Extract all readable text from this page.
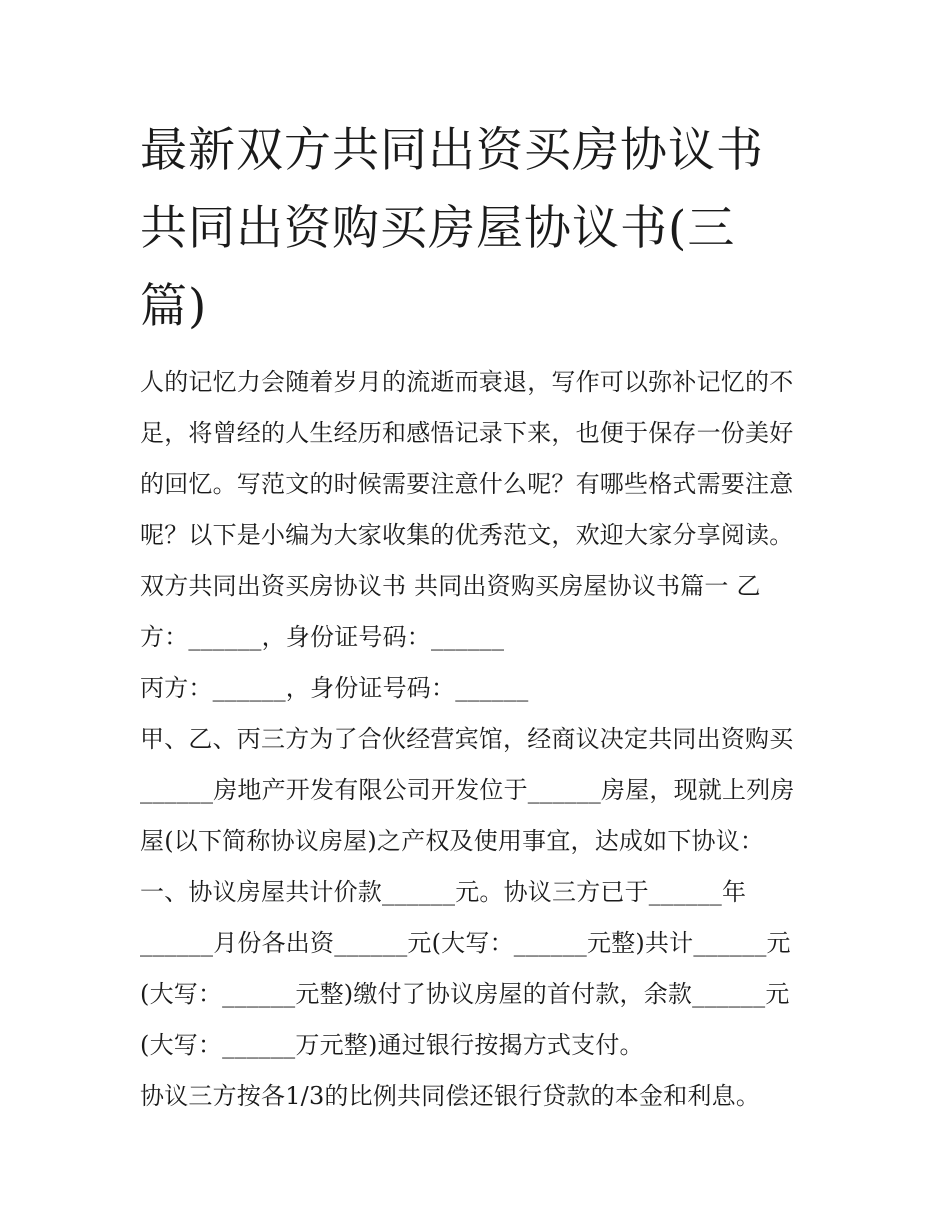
最新双方共同出资买房协议书
共同出资购买房屋协议书(三
篇)
人的记忆力会随着岁月的流逝而衰退，写作可以弥补记忆的不
足，将曾经的人生经历和感悟记录下来，也便于保存一份美好
的回忆。写范文的时候需要注意什么呢？有哪些格式需要注意
呢？以下是小编为大家收集的优秀范文，欢迎大家分享阅读。
双方共同出资买房协议书 共同出资购买房屋协议书篇一 乙
方：______，身份证号码：______
丙方：______，身份证号码：______
甲、乙、丙三方为了合伙经营宾馆，经商议决定共同出资购买
______房地产开发有限公司开发位于______房屋，现就上列房
屋(以下简称协议房屋)之产权及使用事宜，达成如下协议：
一、协议房屋共计价款______元。协议三方已于______年
______月份各出资______元(大写：______元整)共计______元
(大写：______元整)缴付了协议房屋的首付款，余款______元
(大写：______万元整)通过银行按揭方式支付。
协议三方按各1/3的比例共同偿还银行贷款的本金和利息。
